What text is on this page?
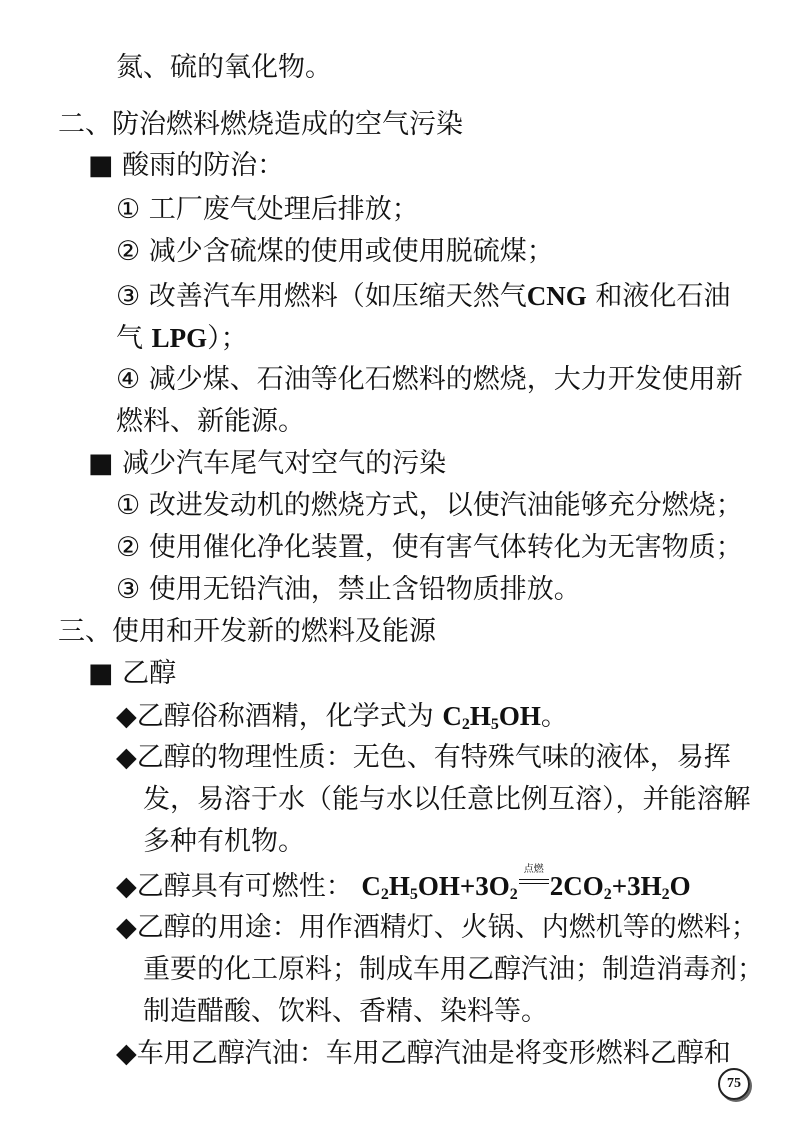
氮、硫的氧化物。
二、防治燃料燃烧造成的空气污染
■ 酸雨的防治：
① 工厂废气处理后排放；
② 减少含硫煤的使用或使用脱硫煤；
③ 改善汽车用燃料（如压缩天然气CNG 和液化石油
气 LPG）；
④ 减少煤、石油等化石燃料的燃烧，大力开发使用新
燃料、新能源。
■ 减少汽车尾气对空气的污染
① 改进发动机的燃烧方式，以使汽油能够充分燃烧；
② 使用催化净化装置，使有害气体转化为无害物质；
③ 使用无铅汽油，禁止含铅物质排放。
三、使用和开发新的燃料及能源
■ 乙醇
◆乙醇俗称酒精，化学式为 $C_2H_5OH$。
◆乙醇的物理性质：无色、有特殊气味的液体，易挥
发，易溶于水（能与水以任意比例互溶），并能溶解
多种有机物。
◆乙醇具有可燃性： $C_2H_5OH+3O_2$
点燃
$2CO_2+3H_2O$
◆乙醇的用途：用作酒精灯、火锅、内燃机等的燃料；
重要的化工原料；制成车用乙醇汽油；制造消毒剂；
制造醋酸、饮料、香精、染料等。
◆车用乙醇汽油：车用乙醇汽油是将变形燃料乙醇和
75
